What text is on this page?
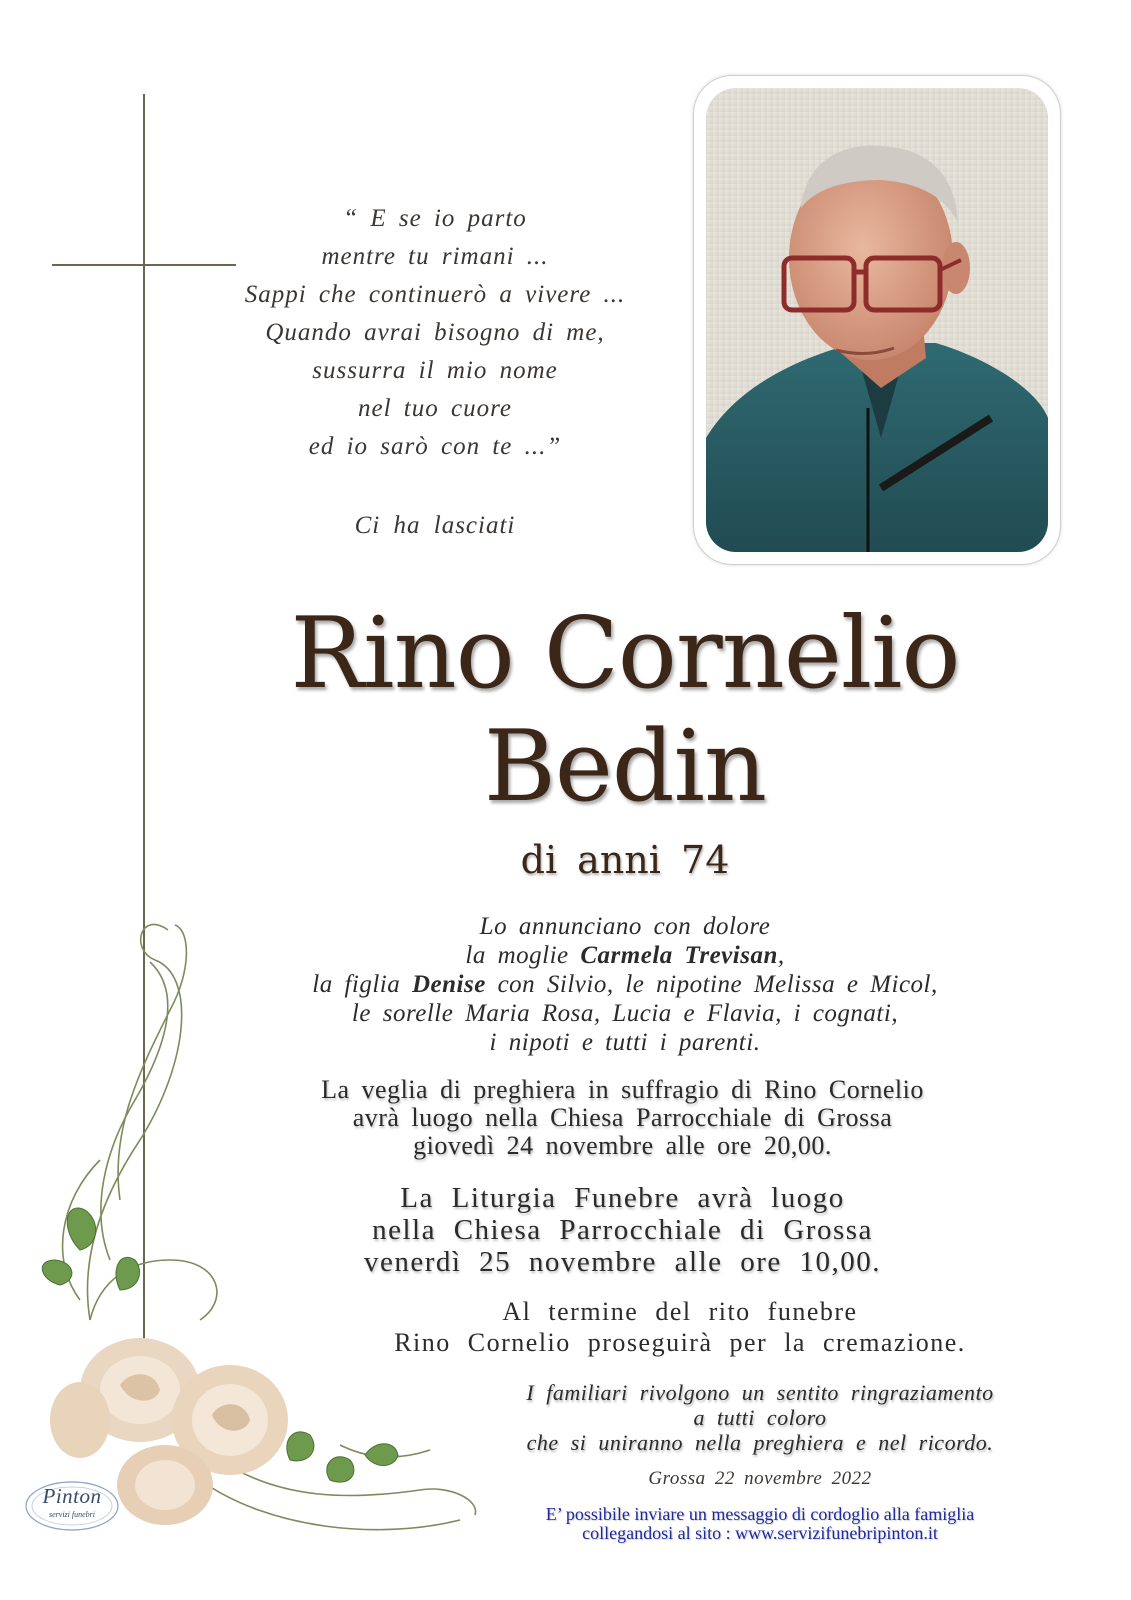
“ E se io parto
mentre tu rimani ...
Sappi che continuerò a vivere ...
Quando avrai bisogno di me,
sussurra il mio nome
nel tuo cuore
ed io sarò con te ...”
Ci ha lasciati
Rino Cornelio
Bedin
di anni 74
Lo annunciano con dolore
la moglie Carmela Trevisan,
la figlia Denise con Silvio, le nipotine Melissa e Micol,
le sorelle Maria Rosa, Lucia e Flavia, i cognati,
i nipoti e tutti i parenti.
La veglia di preghiera in suffragio di Rino Cornelio
avrà luogo nella Chiesa Parrocchiale di Grossa
giovedì 24 novembre alle ore 20,00.
La Liturgia Funebre avrà luogo
nella Chiesa Parrocchiale di Grossa
venerdì 25 novembre alle ore 10,00.
Al termine del rito funebre
Rino Cornelio proseguirà per la cremazione.
I familiari rivolgono un sentito ringraziamento
a tutti coloro
che si uniranno nella preghiera e nel ricordo.
Grossa 22 novembre 2022
E’ possibile inviare un messaggio di cordoglio alla famiglia
collegandosi al sito : www.servizifunebripinton.it
Pinton
servizi funebri
